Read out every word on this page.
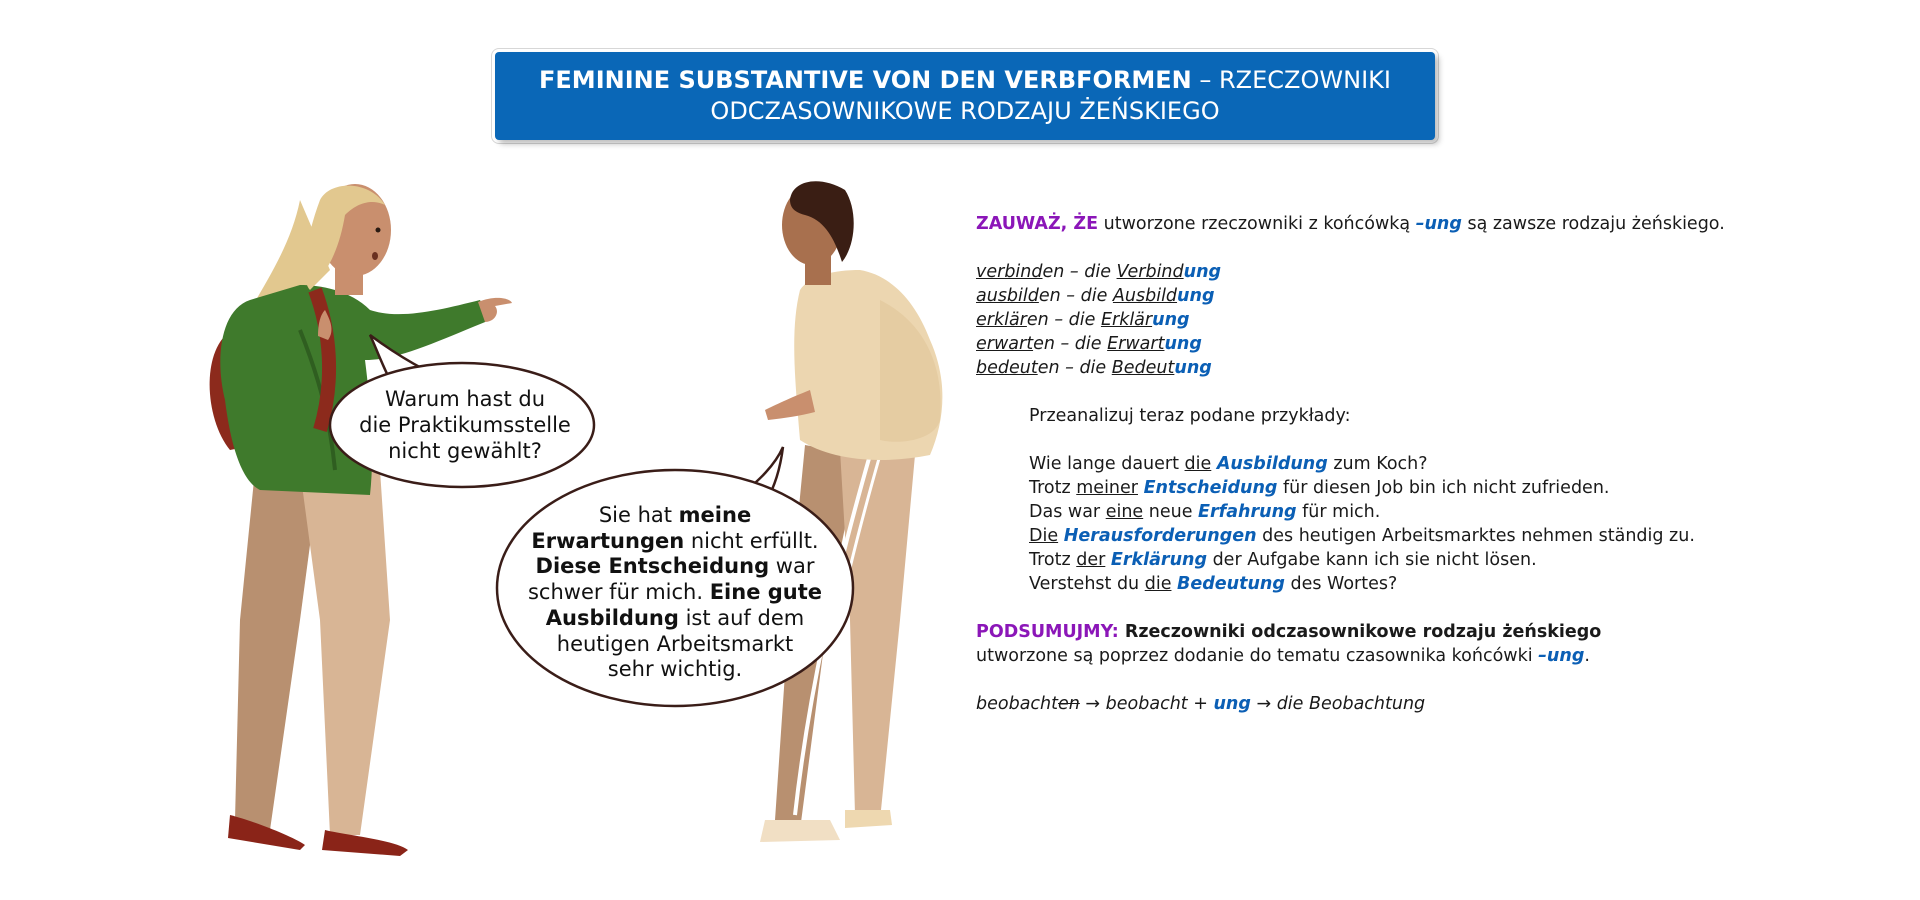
FEMININE SUBSTANTIVE VON DEN VERBFORMEN – RZECZOWNIKI
ODCZASOWNIKOWE RODZAJU ŻEŃSKIEGO
Warum hast du
die Praktikumsstelle
nicht gewählt?
Sie hat meine
Erwartungen nicht erfüllt.
Diese Entscheidung war
schwer für mich. Eine gute
Ausbildung ist auf dem
heutigen Arbeitsmarkt
sehr wichtig.
ZAUWAŻ, ŻE utworzone rzeczowniki z końcówką –ung są zawsze rodzaju żeńskiego.
verbinden – die Verbindung
ausbilden – die Ausbildung
erklären – die Erklärung
erwarten – die Erwartung
bedeuten – die Bedeutung
Przeanalizuj teraz podane przykłady:
Wie lange dauert die Ausbildung zum Koch?
Trotz meiner Entscheidung für diesen Job bin ich nicht zufrieden.
Das war eine neue Erfahrung für mich.
Die Herausforderungen des heutigen Arbeitsmarktes nehmen ständig zu.
Trotz der Erklärung der Aufgabe kann ich sie nicht lösen.
Verstehst du die Bedeutung des Wortes?
PODSUMUJMY: Rzeczowniki odczasownikowe rodzaju żeńskiego
utworzone są poprzez dodanie do tematu czasownika końcówki –ung.
beobachten → beobacht + ung → die Beobachtung
